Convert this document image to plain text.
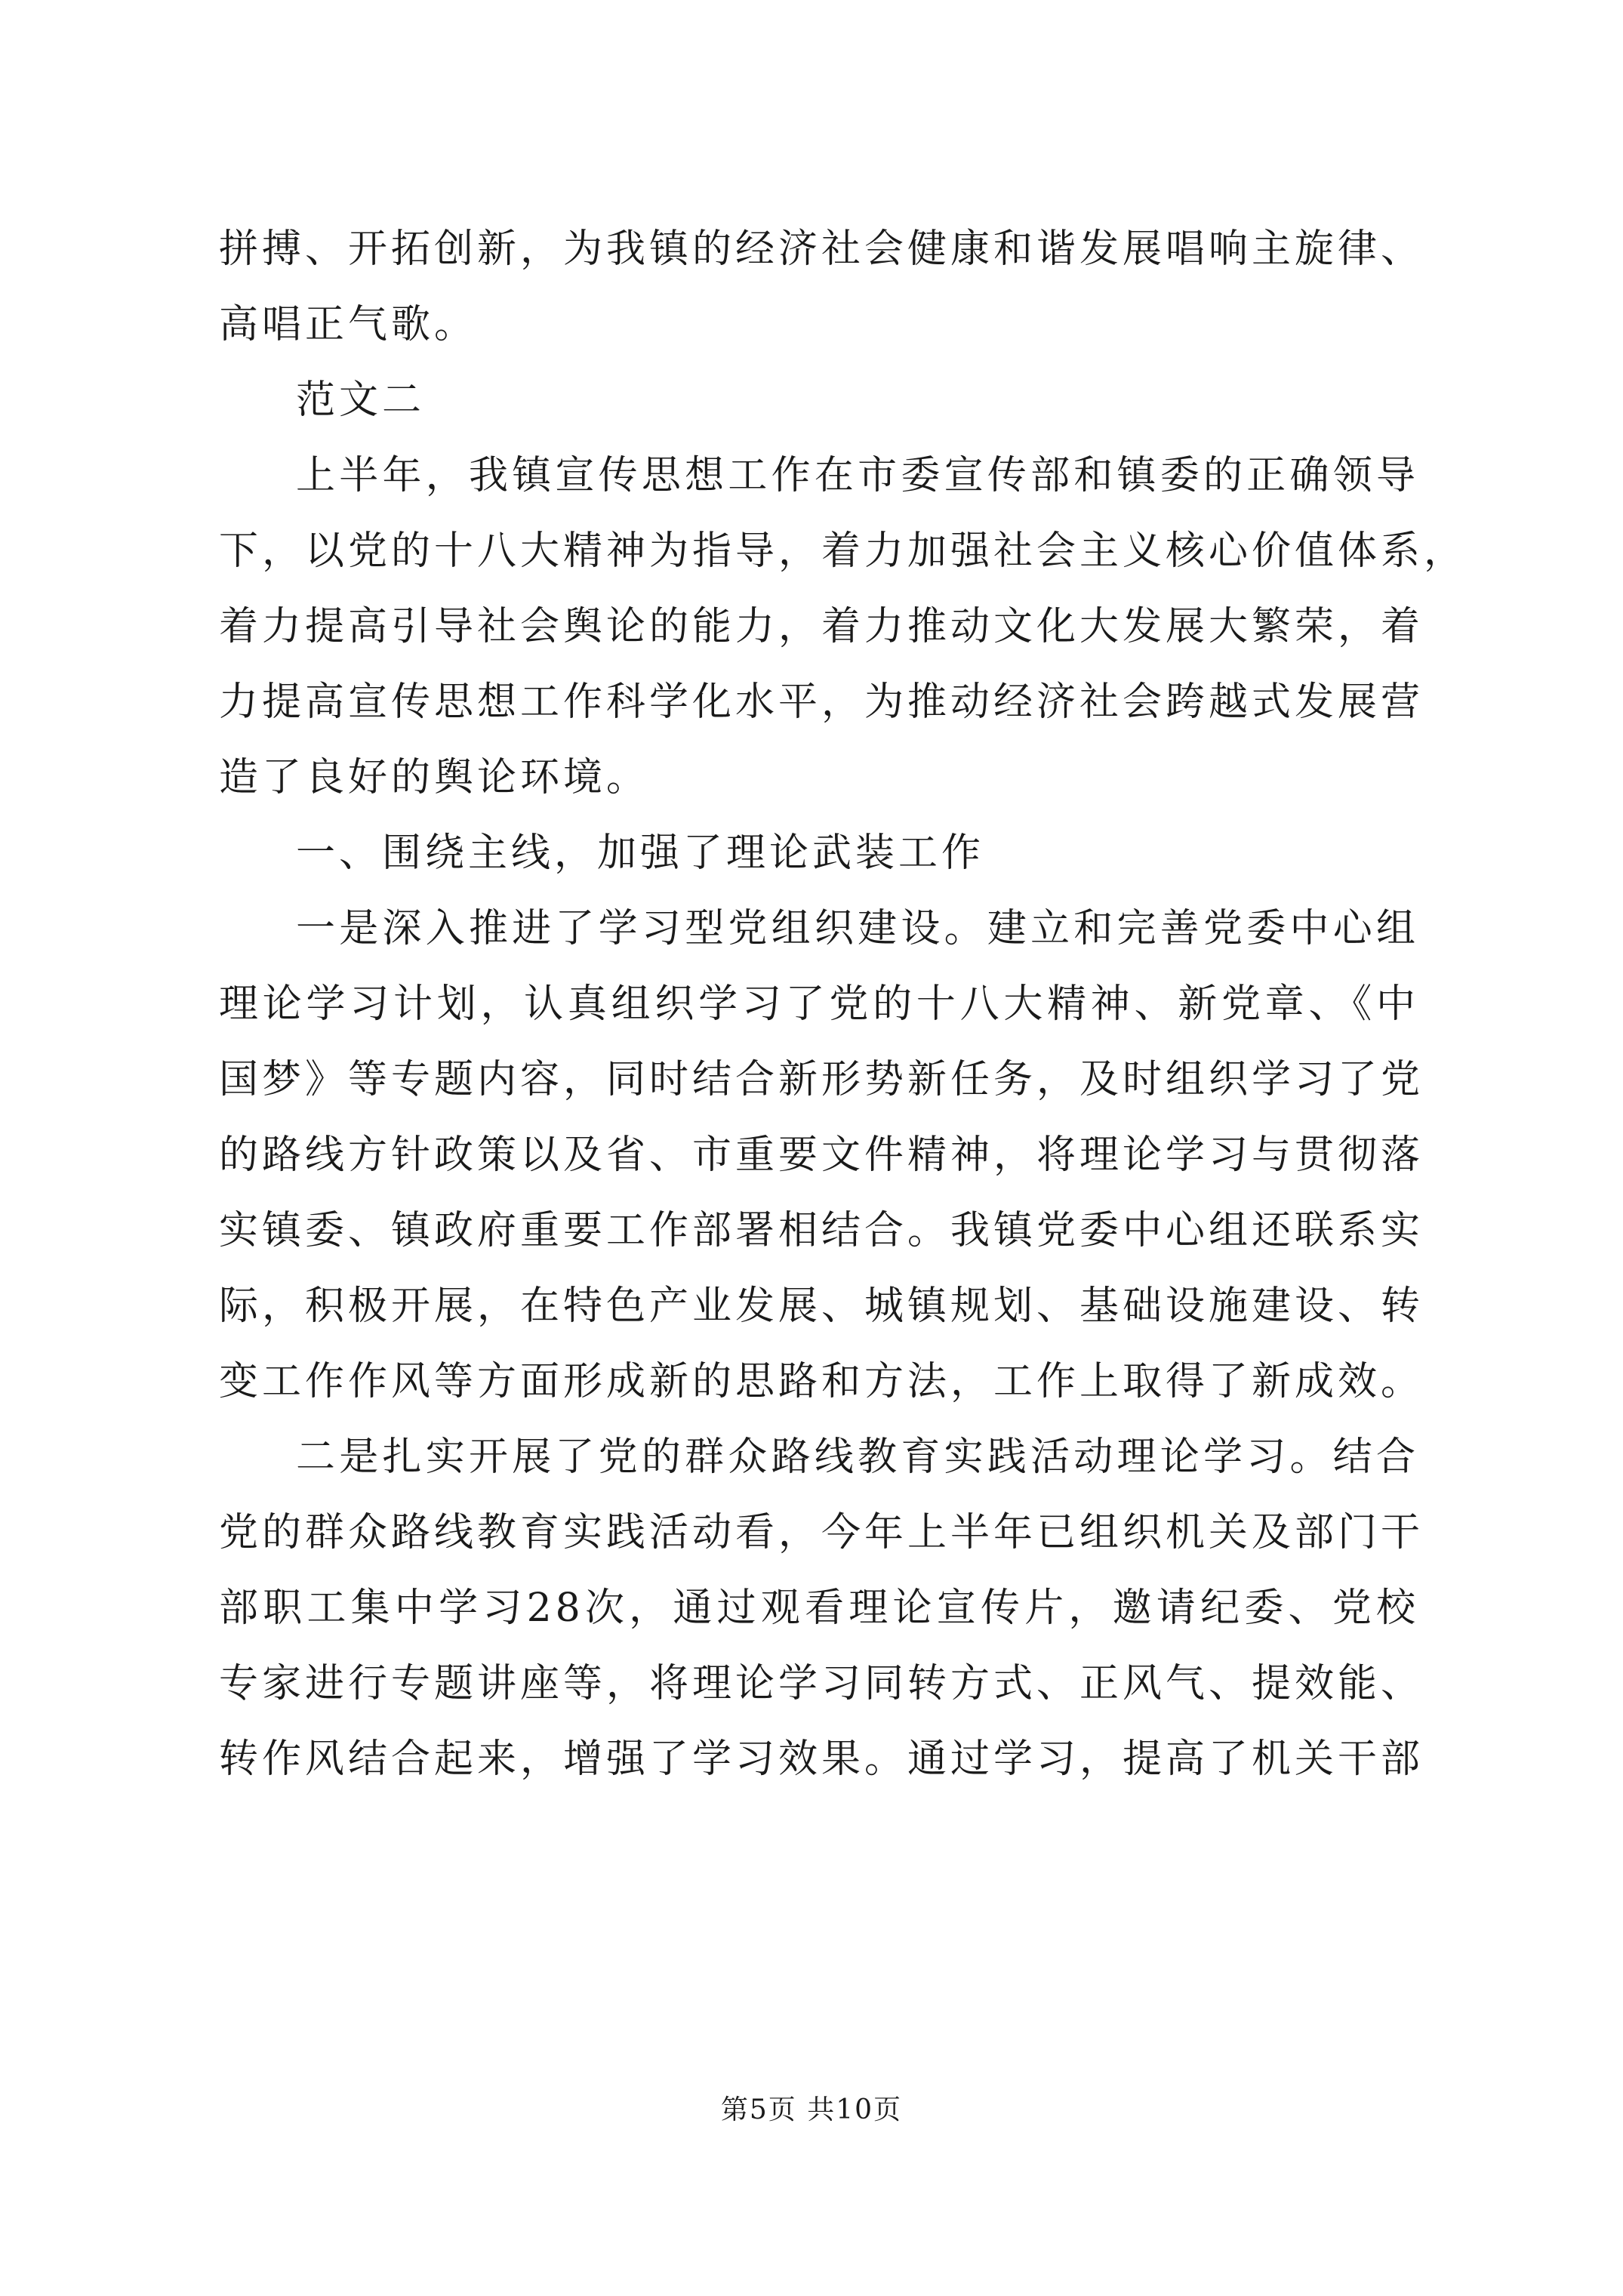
拼搏、开拓创新，为我镇的经济社会健康和谐发展唱响主旋律、
高唱正气歌。
范文二
上半年，我镇宣传思想工作在市委宣传部和镇委的正确领导
下，以党的十八大精神为指导，着力加强社会主义核心价值体系，
着力提高引导社会舆论的能力，着力推动文化大发展大繁荣，着
力提高宣传思想工作科学化水平，为推动经济社会跨越式发展营
造了良好的舆论环境。
一、围绕主线，加强了理论武装工作
一是深入推进了学习型党组织建设。建立和完善党委中心组
理论学习计划，认真组织学习了党的十八大精神、新党章、《中
国梦》等专题内容，同时结合新形势新任务，及时组织学习了党
的路线方针政策以及省、市重要文件精神，将理论学习与贯彻落
实镇委、镇政府重要工作部署相结合。我镇党委中心组还联系实
际，积极开展，在特色产业发展、城镇规划、基础设施建设、转
变工作作风等方面形成新的思路和方法，工作上取得了新成效。
二是扎实开展了党的群众路线教育实践活动理论学习。结合
党的群众路线教育实践活动看，今年上半年已组织机关及部门干
部职工集中学习28次，通过观看理论宣传片，邀请纪委、党校
专家进行专题讲座等，将理论学习同转方式、正风气、提效能、
转作风结合起来，增强了学习效果。通过学习，提高了机关干部
第5页 共10页
